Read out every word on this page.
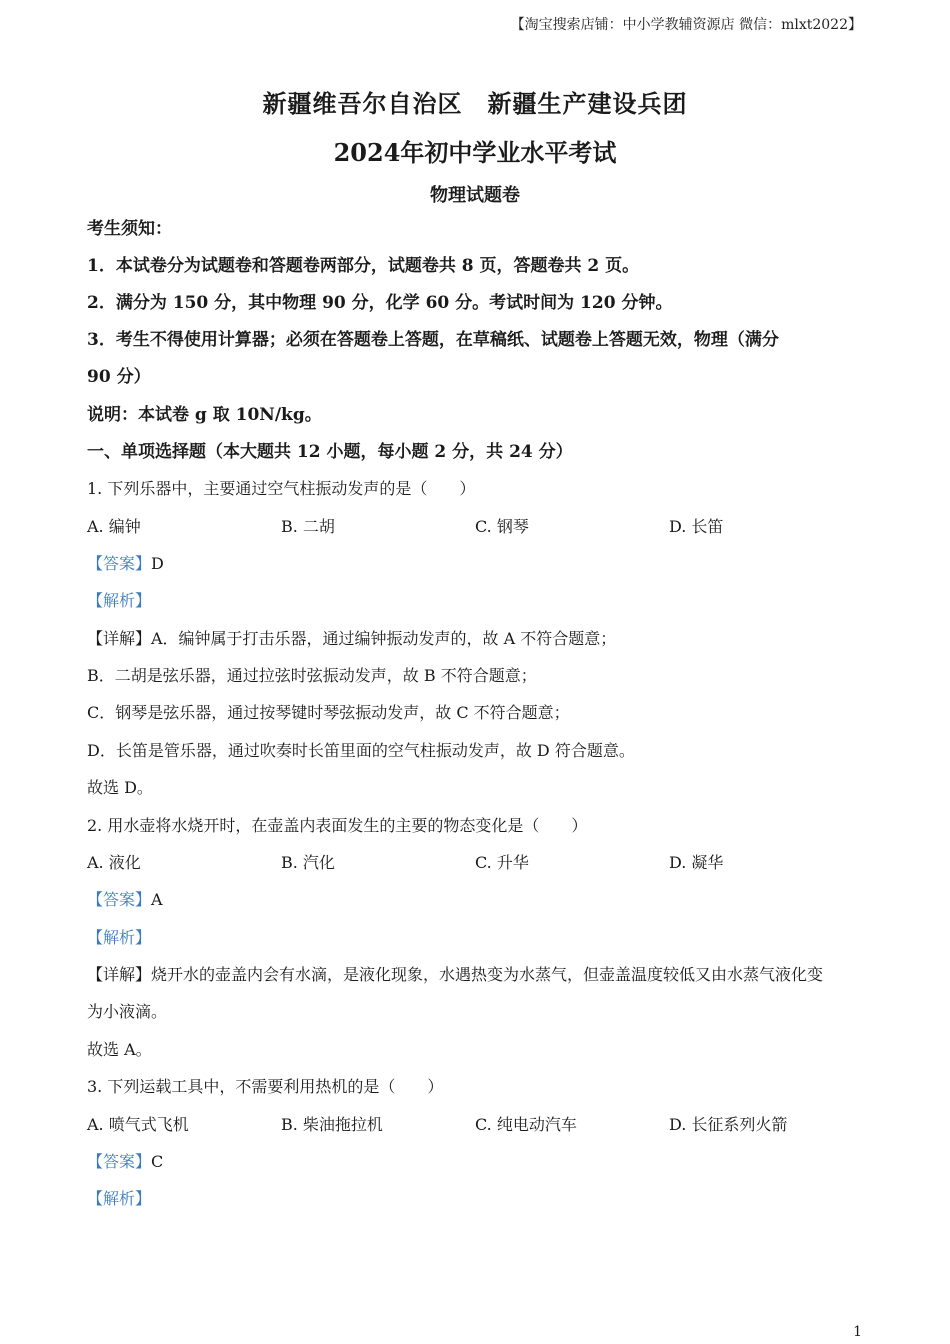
【淘宝搜索店铺：中小学教辅资源店 微信：mlxt2022】
新疆维吾尔自治区　新疆生产建设兵团
2024年初中学业水平考试
物理试题卷
考生须知：
1．本试卷分为试题卷和答题卷两部分，试题卷共 8 页，答题卷共 2 页。
2．满分为 150 分，其中物理 90 分，化学 60 分。考试时间为 120 分钟。
3．考生不得使用计算器；必须在答题卷上答题，在草稿纸、试题卷上答题无效，物理（满分
90 分）
说明：本试卷 g 取 10N/kg。
一、单项选择题（本大题共 12 小题，每小题 2 分，共 24 分）
1. 下列乐器中，主要通过空气柱振动发声的是（　　）
A. 编钟	B. 二胡	C. 钢琴	D. 长笛
【答案】D
【解析】
【详解】A．编钟属于打击乐器，通过编钟振动发声的，故 A 不符合题意；
B．二胡是弦乐器，通过拉弦时弦振动发声，故 B 不符合题意；
C．钢琴是弦乐器，通过按琴键时琴弦振动发声，故 C 不符合题意；
D．长笛是管乐器，通过吹奏时长笛里面的空气柱振动发声，故 D 符合题意。
故选 D。
2. 用水壶将水烧开时，在壶盖内表面发生的主要的物态变化是（　　）
A. 液化	B. 汽化	C. 升华	D. 凝华
【答案】A
【解析】
【详解】烧开水的壶盖内会有水滴，是液化现象，水遇热变为水蒸气，但壶盖温度较低又由水蒸气液化变
为小液滴。
故选 A。
3. 下列运载工具中，不需要利用热机的是（　　）
A. 喷气式飞机	B. 柴油拖拉机	C. 纯电动汽车	D. 长征系列火箭
【答案】C
【解析】
1
